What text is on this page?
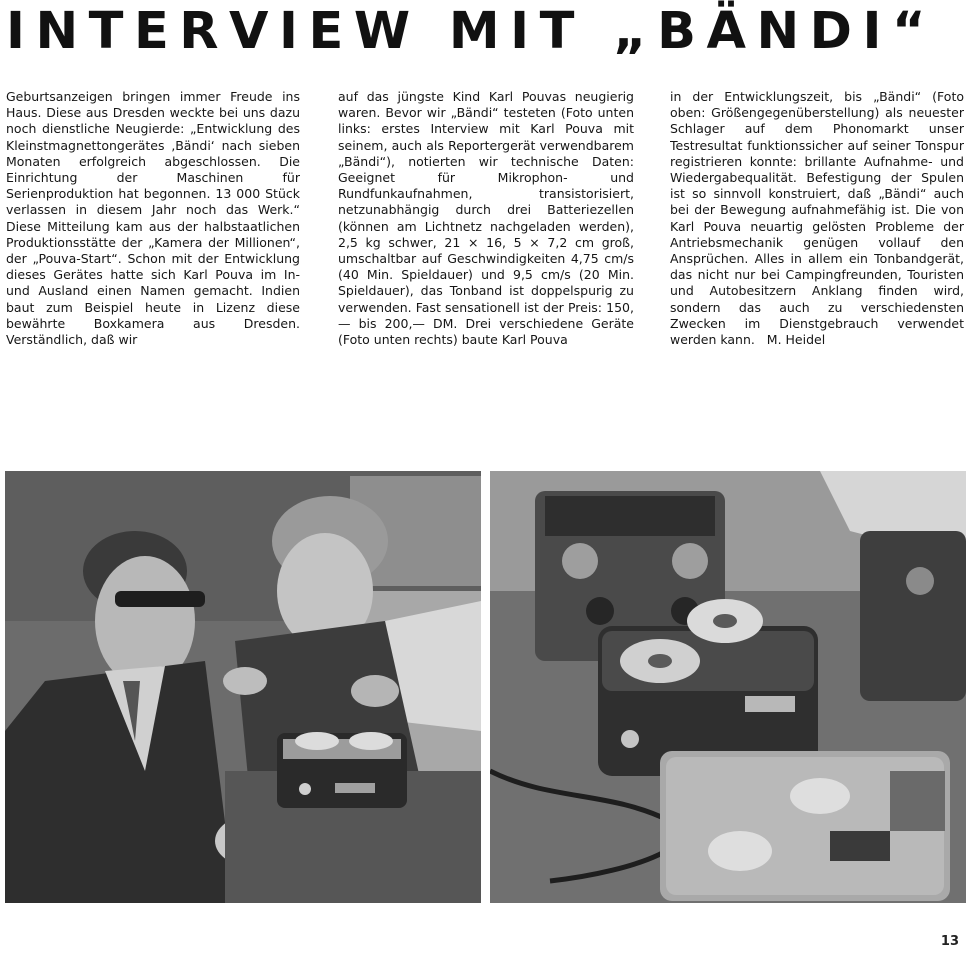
INTERVIEW MIT „BÄNDI“
Geburtsanzeigen bringen immer Freude ins Haus. Diese aus Dresden weckte bei uns dazu noch dienstliche Neugierde: „Entwicklung des Kleinstmagnettongerätes ‚Bändi‘ nach sieben Monaten erfolgreich abgeschlossen. Die Einrichtung der Maschinen für Serienproduktion hat begonnen. 13 000 Stück verlassen in diesem Jahr noch das Werk.“ Diese Mitteilung kam aus der halbstaatlichen Produktionsstätte der „Kamera der Millionen“, der „Pouva-Start“. Schon mit der Entwicklung dieses Gerätes hatte sich Karl Pouva im In- und Ausland einen Namen gemacht. Indien baut zum Beispiel heute in Lizenz diese bewährte Boxkamera aus Dresden. Verständlich, daß wir
auf das jüngste Kind Karl Pouvas neugierig waren. Bevor wir „Bändi“ testeten (Foto unten links: erstes Interview mit Karl Pouva mit seinem, auch als Reportergerät verwendbarem „Bändi“), notierten wir technische Daten: Geeignet für Mikrophon- und Rundfunkaufnahmen, transistorisiert, netzunabhängig durch drei Batteriezellen (können am Lichtnetz nachgeladen werden), 2,5 kg schwer, 21 × 16, 5 × 7,2 cm groß, umschaltbar auf Geschwindigkeiten 4,75 cm/s (40 Min. Spieldauer) und 9,5 cm/s (20 Min. Spieldauer), das Tonband ist doppelspurig zu verwenden. Fast sensationell ist der Preis: 150,— bis 200,— DM. Drei verschiedene Geräte (Foto unten rechts) baute Karl Pouva
in der Entwicklungszeit, bis „Bändi“ (Foto oben: Größengegenüberstellung) als neuester Schlager auf dem Phonomarkt unser Testresultat funktionssicher auf seiner Tonspur registrieren konnte: brillante Aufnahme- und Wiedergabequalität. Befestigung der Spulen ist so sinnvoll konstruiert, daß „Bändi“ auch bei der Bewegung aufnahmefähig ist. Die von Karl Pouva neuartig gelösten Probleme der Antriebsmechanik genügen vollauf den Ansprüchen. Alles in allem ein Tonbandgerät, das nicht nur bei Campingfreunden, Touristen und Autobesitzern Anklang finden wird, sondern das auch zu verschiedensten Zwecken im Dienstgebrauch verwendet werden kann. M. Heidel
13
